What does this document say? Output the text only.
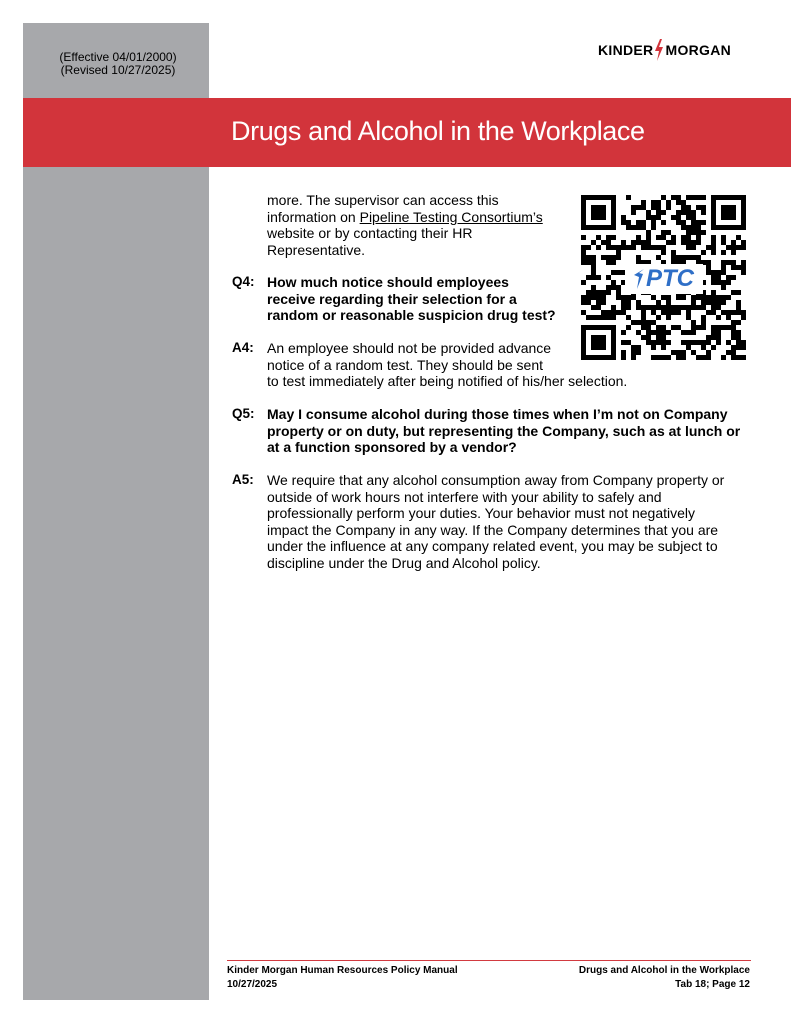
(Effective 04/01/2000)
(Revised 10/27/2025)
KINDER MORGAN
Drugs and Alcohol in the Workplace
more. The supervisor can access this
information on Pipeline Testing Consortium’s
website or by contacting their HR
Representative.
Q4: How much notice should employees
receive regarding their selection for a
random or reasonable suspicion drug test?
A4: An employee should not be provided advance
notice of a random test. They should be sent
to test immediately after being notified of his/her selection.
Q5: May I consume alcohol during those times when I’m not on Company
property or on duty, but representing the Company, such as at lunch or
at a function sponsored by a vendor?
A5: We require that any alcohol consumption away from Company property or
outside of work hours not interfere with your ability to safely and
professionally perform your duties. Your behavior must not negatively
impact the Company in any way. If the Company determines that you are
under the influence at any company related event, you may be subject to
discipline under the Drug and Alcohol policy.
PTC
Kinder Morgan Human Resources Policy Manual
10/27/2025
Drugs and Alcohol in the Workplace
Tab 18; Page 12
